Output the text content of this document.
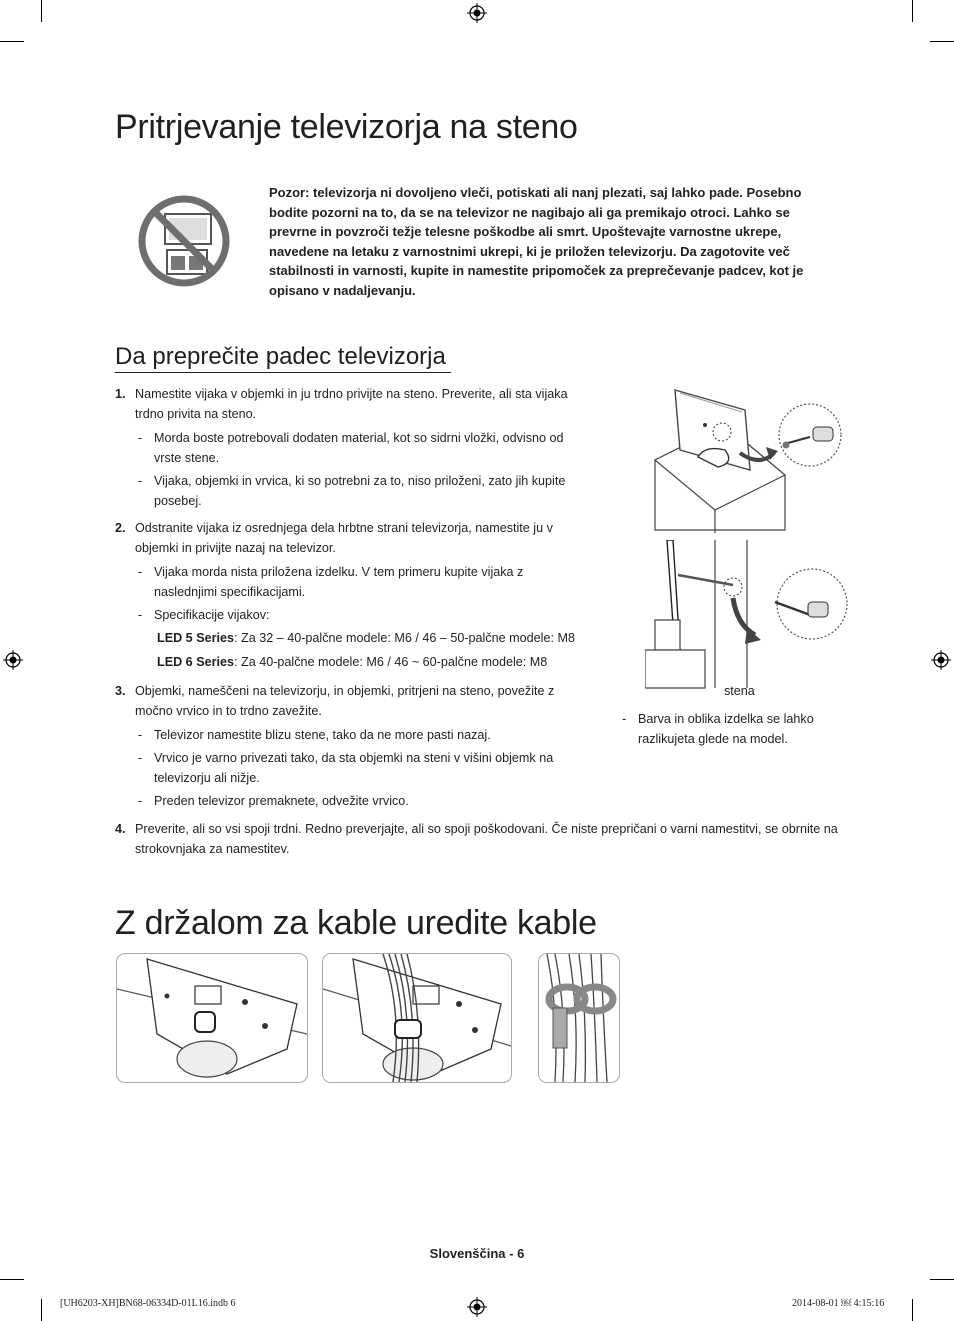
Pritrjevanje televizorja na steno
Pozor: televizorja ni dovoljeno vleči, potiskati ali nanj plezati, saj lahko pade. Posebno bodite pozorni na to, da se na televizor ne nagibajo ali ga premikajo otroci. Lahko se prevrne in povzroči težje telesne poškodbe ali smrt. Upoštevajte varnostne ukrepe, navedene na letaku z varnostnimi ukrepi, ki je priložen televizorju. Da zagotovite več stabilnosti in varnosti, kupite in namestite pripomoček za preprečevanje padcev, kot je opisano v nadaljevanju.
Da preprečite padec televizorja
1. Namestite vijaka v objemki in ju trdno privijte na steno. Preverite, ali sta vijaka trdno privita na steno.
- Morda boste potrebovali dodaten material, kot so sidrni vložki, odvisno od vrste stene.
- Vijaka, objemki in vrvica, ki so potrebni za to, niso priloženi, zato jih kupite posebej.
2. Odstranite vijaka iz osrednjega dela hrbtne strani televizorja, namestite ju v objemki in privijte nazaj na televizor.
- Vijaka morda nista priložena izdelku. V tem primeru kupite vijaka z naslednjimi specifikacijami.
- Specifikacije vijakov:
LED 5 Series: Za 32 – 40-palčne modele: M6 / 46 – 50-palčne modele: M8
LED 6 Series: Za 40-palčne modele: M6 / 46 ~ 60-palčne modele: M8
3. Objemki, nameščeni na televizorju, in objemki, pritrjeni na steno, povežite z močno vrvico in to trdno zavežite.
- Televizor namestite blizu stene, tako da ne more pasti nazaj.
- Vrvico je varno privezati tako, da sta objemki na steni v višini objemk na televizorju ali nižje.
- Preden televizor premaknete, odvežite vrvico.
4. Preverite, ali so vsi spoji trdni. Redno preverjajte, ali so spoji poškodovani. Če niste prepričani o varni namestitvi, se obrnite na strokovnjaka za namestitev.
stena
- Barva in oblika izdelka se lahko razlikujeta glede na model.
Z držalom za kable uredite kable
Slovenščina - 6
[UH6203-XH]BN68-06334D-01L16.indb 6	2014-08-01 ￼ 4:15:16
